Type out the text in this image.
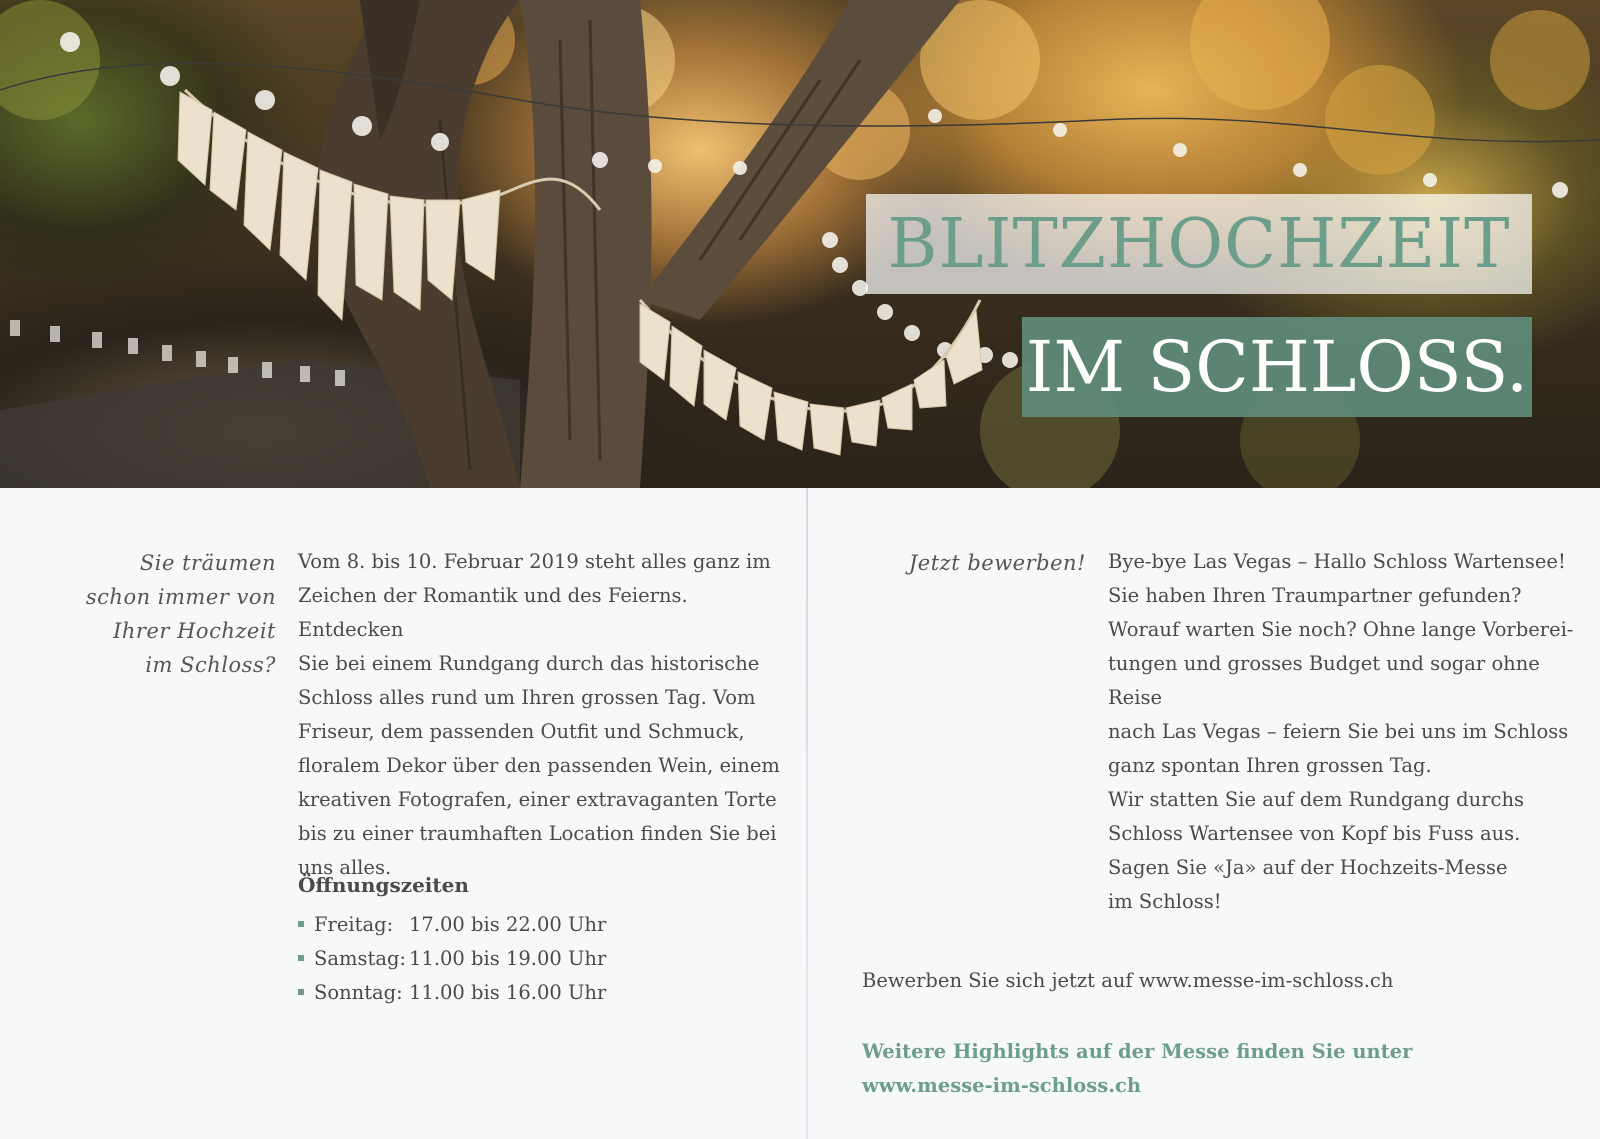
BLITZHOCHZEIT
IM SCHLOSS.
Sie träumen
schon immer von
Ihrer Hochzeit
im Schloss?
Vom 8. bis 10. Februar 2019 steht alles ganz im
Zeichen der Romantik und des Feierns. Entdecken
Sie bei einem Rundgang durch das historische
Schloss alles rund um Ihren grossen Tag. Vom
Friseur, dem passenden Outfit und Schmuck,
floralem Dekor über den passenden Wein, einem
kreativen Fotografen, einer extravaganten Torte
bis zu einer traumhaften Location finden Sie bei
uns alles.
Öffnungszeiten
Freitag: 17.00 bis 22.00 Uhr
Samstag: 11.00 bis 19.00 Uhr
Sonntag: 11.00 bis 16.00 Uhr
Jetzt bewerben! Bye-bye Las Vegas – Hallo Schloss Wartensee!
Sie haben Ihren Traumpartner gefunden?
Worauf warten Sie noch? Ohne lange Vorberei-
tungen und grosses Budget und sogar ohne Reise
nach Las Vegas – feiern Sie bei uns im Schloss
ganz spontan Ihren grossen Tag.
Wir statten Sie auf dem Rundgang durchs
Schloss Wartensee von Kopf bis Fuss aus.
Sagen Sie «Ja» auf der Hochzeits-Messe
im Schloss!
Bewerben Sie sich jetzt auf www.messe-im-schloss.ch
Weitere Highlights auf der Messe finden Sie unter
www.messe-im-schloss.ch
